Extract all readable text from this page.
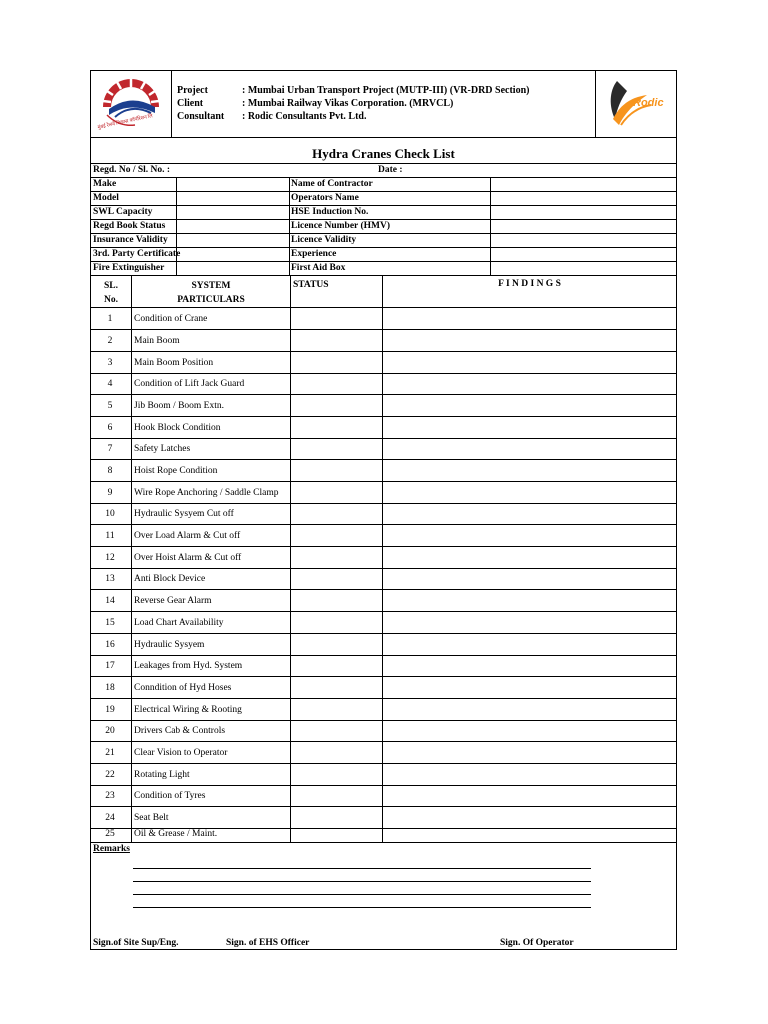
मुंबई रेलवे विकास कॉर्पोरेशन लि
Project	: Mumbai Urban Transport Project (MUTP-III) (VR-DRD Section)
Client	: Mumbai Railway Vikas Corporation. (MRVCL)
Consultant : Rodic Consultants Pvt. Ltd.
Rodic
Hydra Cranes Check List
Regd. No / Sl. No. :	Date :
Make	Name of Contractor
Model	Operators Name
SWL Capacity	HSE Induction No.
Regd Book Status	Licence Number (HMV)
Insurance Validity	Licence Validity
3rd. Party Certificate	Experience
Fire Extinguisher	First Aid Box
SL.
No.
SYSTEM
PARTICULARS
STATUS	F I N D I N G S
1	Condition of Crane
2	Main Boom
3	Main Boom Position
4	Condition of Lift Jack Guard
5	Jib Boom / Boom Extn.
6	Hook Block Condition
7	Safety Latches
8	Hoist Rope Condition
9	Wire Rope Anchoring / Saddle Clamp
10	Hydraulic Sysyem Cut off
11	Over Load Alarm & Cut off
12	Over Hoist Alarm & Cut off
13	Anti Block Device
14	Reverse Gear Alarm
15	Load Chart Availability
16	Hydraulic Sysyem
17	Leakages from Hyd. System
18	Conndition of Hyd Hoses
19	Electrical Wiring & Rooting
20	Drivers Cab & Controls
21	Clear Vision to Operator
22	Rotating Light
23	Condition of Tyres
24	Seat Belt
25	Oil & Grease / Maint.
Remarks
Sign.of Site Sup/Eng.	Sign. of EHS Officer	Sign. Of Operator
